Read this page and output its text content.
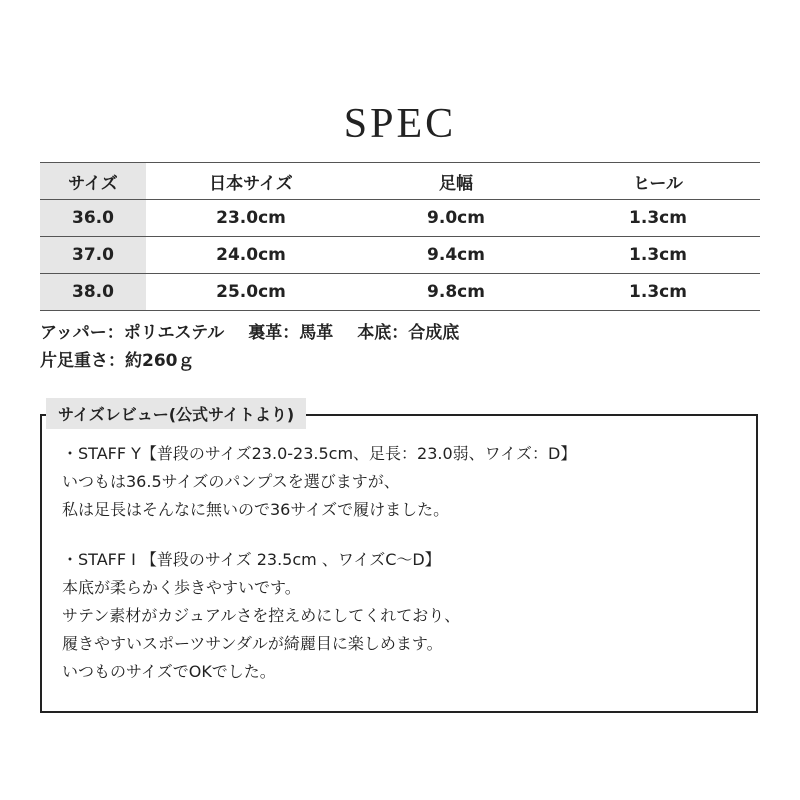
SPEC
サイズ	日本サイズ	足幅	ヒール
36.0	23.0cm	9.0cm	1.3cm
37.0	24.0cm	9.4cm	1.3cm
38.0	25.0cm	9.8cm	1.3cm
アッパー：ポリエステル 裏革：馬革 本底：合成底
片足重さ：約260ｇ
サイズレビュー(公式サイトより)
・STAFF Y【普段のサイズ23.0-23.5cm、足長：23.0弱、ワイズ：D】
いつもは36.5サイズのパンプスを選びますが、
私は足長はそんなに無いので36サイズで履けました。
・STAFF I 【普段のサイズ 23.5cm 、ワイズC～D】
本底が柔らかく歩きやすいです。
サテン素材がカジュアルさを控えめにしてくれており、
履きやすいスポーツサンダルが綺麗目に楽しめます。
いつものサイズでOKでした。
